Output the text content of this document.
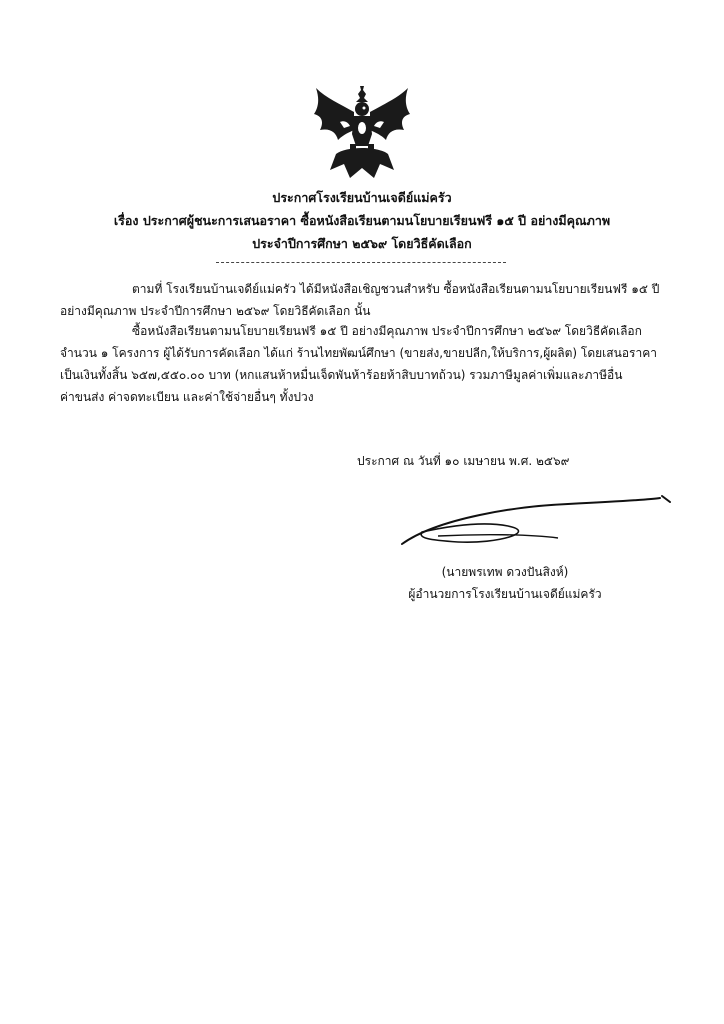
ประกาศโรงเรียนบ้านเจดีย์แม่ครัว
เรื่อง ประกาศผู้ชนะการเสนอราคา ซื้อหนังสือเรียนตามนโยบายเรียนฟรี ๑๕ ปี อย่างมีคุณภาพ
ประจำปีการศึกษา ๒๕๖๙ โดยวิธีคัดเลือก
ตามที่ โรงเรียนบ้านเจดีย์แม่ครัว ได้มีหนังสือเชิญชวนสำหรับ ซื้อหนังสือเรียนตามนโยบายเรียนฟรี ๑๕ ปี
อย่างมีคุณภาพ ประจำปีการศึกษา ๒๕๖๙ โดยวิธีคัดเลือก นั้น
ซื้อหนังสือเรียนตามนโยบายเรียนฟรี ๑๕ ปี อย่างมีคุณภาพ ประจำปีการศึกษา ๒๕๖๙ โดยวิธีคัดเลือก
จำนวน ๑ โครงการ ผู้ได้รับการคัดเลือก ได้แก่ ร้านไทยพัฒน์ศึกษา (ขายส่ง,ขายปลีก,ให้บริการ,ผู้ผลิต) โดยเสนอราคา
เป็นเงินทั้งสิ้น ๖๕๗,๕๕๐.๐๐ บาท (หกแสนห้าหมื่นเจ็ดพันห้าร้อยห้าสิบบาทถ้วน) รวมภาษีมูลค่าเพิ่มและภาษีอื่น
ค่าขนส่ง ค่าจดทะเบียน และค่าใช้จ่ายอื่นๆ ทั้งปวง
ประกาศ ณ วันที่ ๑๐ เมษายน พ.ศ. ๒๕๖๙
(นายพรเทพ ดวงปันสิงห์)
ผู้อำนวยการโรงเรียนบ้านเจดีย์แม่ครัว
